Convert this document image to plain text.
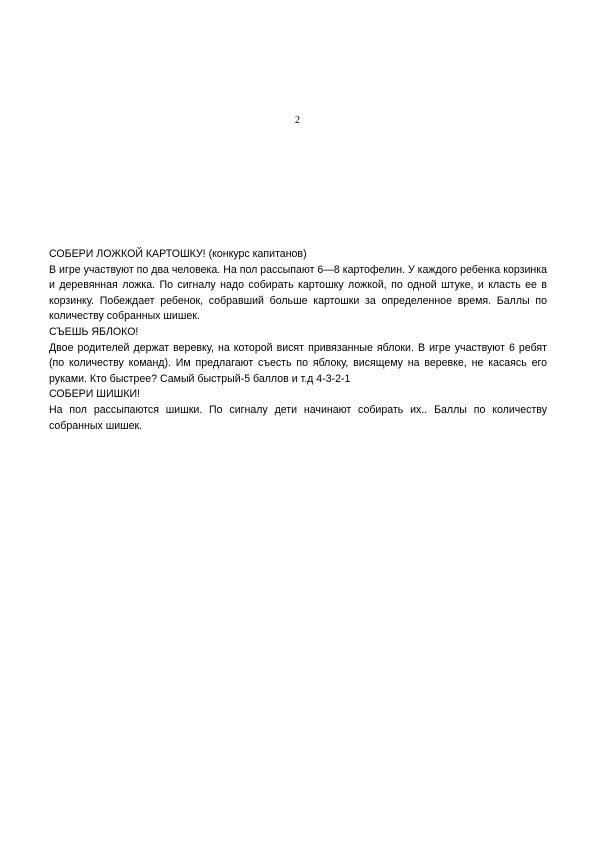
2
СОБЕРИ ЛОЖКОЙ КАРТОШКУ! (конкурс капитанов)

В игре участвуют по два человека. На пол рассыпают 6—8 картофелин. У каждого ребенка корзинка и деревянная ложка. По сигналу надо собирать картошку ложкой, по одной штуке, и класть ее в корзинку. Побеждает ребенок, собравший больше картошки за определенное время. Баллы по количеству собранных шишек.

СЪЕШЬ ЯБЛОКО!

Двое родителей держат веревку, на которой висят привязанные яблоки. В игре участвуют 6 ребят (по количеству команд). Им предлагают съесть по яблоку, висящему на веревке, не касаясь его руками. Кто быстрее? Самый быстрый-5 баллов и т.д 4-3-2-1

СОБЕРИ ШИШКИ!

На пол рассыпаются шишки. По сигналу дети начинают собирать их.. Баллы по количеству собранных шишек.
